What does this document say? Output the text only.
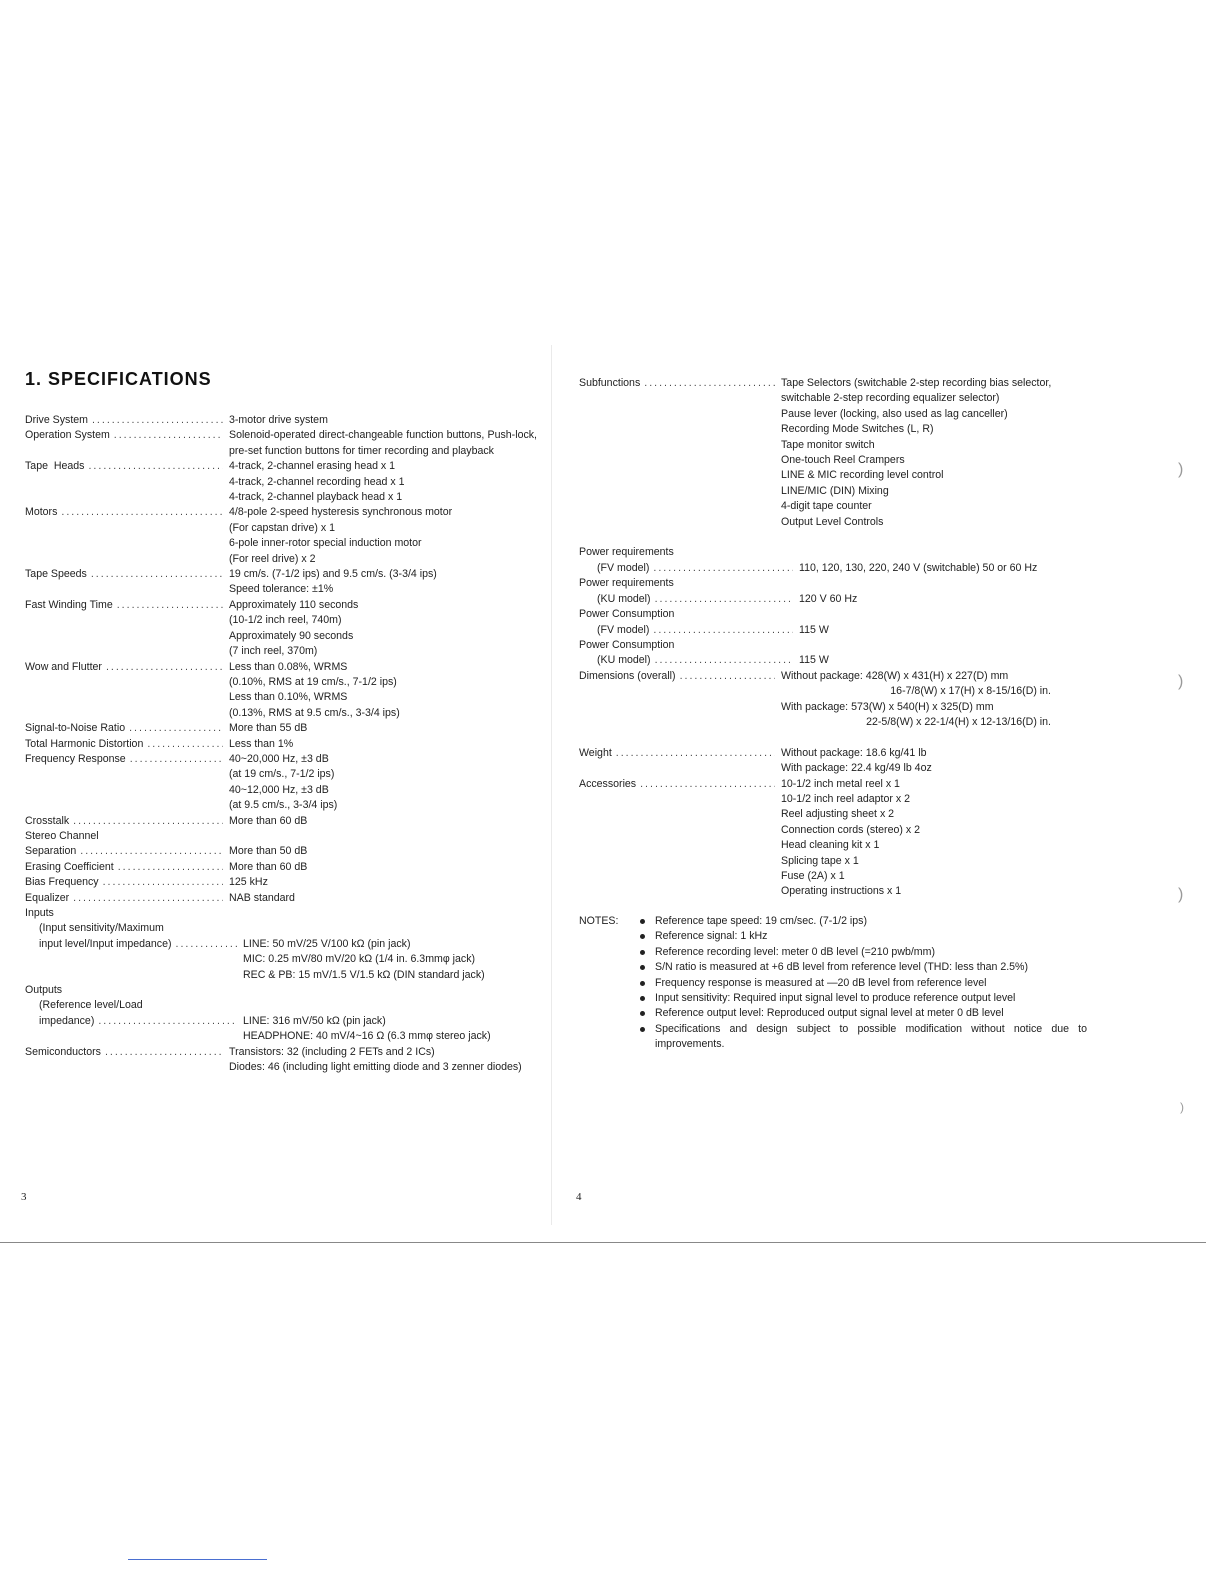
1. SPECIFICATIONS
Drive System .....	3-motor drive system
Operation System .....	Solenoid-operated direct-changeable function buttons, Push-lock, pre-set function buttons for timer recording and playback
Tape  Heads .....	4-track, 2-channel erasing head x 1
4-track, 2-channel recording head x 1
4-track, 2-channel playback head x 1
Motors .....	4/8-pole 2-speed hysteresis synchronous motor
(For capstan drive) x 1
6-pole inner-rotor special induction motor
(For reel drive) x 2
Tape Speeds .....	19 cm/s. (7-1/2 ips) and 9.5 cm/s. (3-3/4 ips)
Speed tolerance: ±1%
Fast Winding Time .....	Approximately 110 seconds
(10-1/2 inch reel, 740m)
Approximately 90 seconds
(7 inch reel, 370m)
Wow and Flutter .....	Less than 0.08%, WRMS
(0.10%, RMS at 19 cm/s., 7-1/2 ips)
Less than 0.10%, WRMS
(0.13%, RMS at 9.5 cm/s., 3-3/4 ips)
Signal-to-Noise Ratio .....	More than 55 dB
Total Harmonic Distortion .....	Less than 1%
Frequency Response .....	40~20,000 Hz, ±3 dB
(at 19 cm/s., 7-1/2 ips)
40~12,000 Hz, ±3 dB
(at 9.5 cm/s., 3-3/4 ips)
Crosstalk .....	More than 60 dB
Stereo Channel

Separation .....	More than 50 dB
Erasing Coefficient .....	More than 60 dB
Bias Frequency .....	125 kHz
Equalizer .....	NAB standard
Inputs

(Input sensitivity/Maximum

input level/Input impedance) .....	LINE: 50 mV/25 V/100 kΩ (pin jack)
MIC: 0.25 mV/80 mV/20 kΩ (1/4 in. 6.3mmφ jack)
REC & PB: 15 mV/1.5 V/1.5 kΩ (DIN standard jack)
Outputs

(Reference level/Load

impedance) .....	LINE: 316 mV/50 kΩ (pin jack)
HEADPHONE: 40 mV/4~16 Ω (6.3 mmφ stereo jack)
Semiconductors .....	Transistors: 32 (including 2 FETs and 2 ICs)
Diodes: 46 (including light emitting diode and 3 zenner diodes)
Subfunctions .....	Tape Selectors (switchable 2-step recording bias selector,
switchable 2-step recording equalizer selector)
Pause lever (locking, also used as lag canceller)
Recording Mode Switches (L, R)
Tape monitor switch
One-touch Reel Crampers
LINE & MIC recording level control
LINE/MIC (DIN) Mixing
4-digit tape counter
Output Level Controls

Power requirements

(FV model) .....	110, 120, 130, 220, 240 V (switchable) 50 or 60 Hz
Power requirements

(KU model) .....	120 V 60 Hz
Power Consumption

(FV model) .....	115 W
Power Consumption

(KU model) .....	115 W
Dimensions (overall) .....	Without package: 428(W) x 431(H) x 227(D) mm
16-7/8(W) x 17(H) x 8-15/16(D) in.
With package: 573(W) x 540(H) x 325(D) mm
22-5/8(W) x 22-1/4(H) x 12-13/16(D) in.

Weight .....	Without package: 18.6 kg/41 lb
With package: 22.4 kg/49 lb 4oz
Accessories .....	10-1/2 inch metal reel x 1
10-1/2 inch reel adaptor x 2
Reel adjusting sheet x 2
Connection cords (stereo) x 2
Head cleaning kit x 1
Splicing tape x 1
Fuse (2A) x 1
Operating instructions x 1
NOTES:	Reference tape speed: 19 cm/sec. (7-1/2 ips)
Reference signal: 1 kHz
Reference recording level: meter 0 dB level (=210 pwb/mm)
S/N ratio is measured at +6 dB level from reference level (THD: less than 2.5%)
Frequency response is measured at —20 dB level from reference level
Input sensitivity: Required input signal level to produce reference output level
Reference output level: Reproduced output signal level at meter 0 dB level
Specifications and design subject to possible modification without notice due to improvements.
3	4
)
)
)
)
